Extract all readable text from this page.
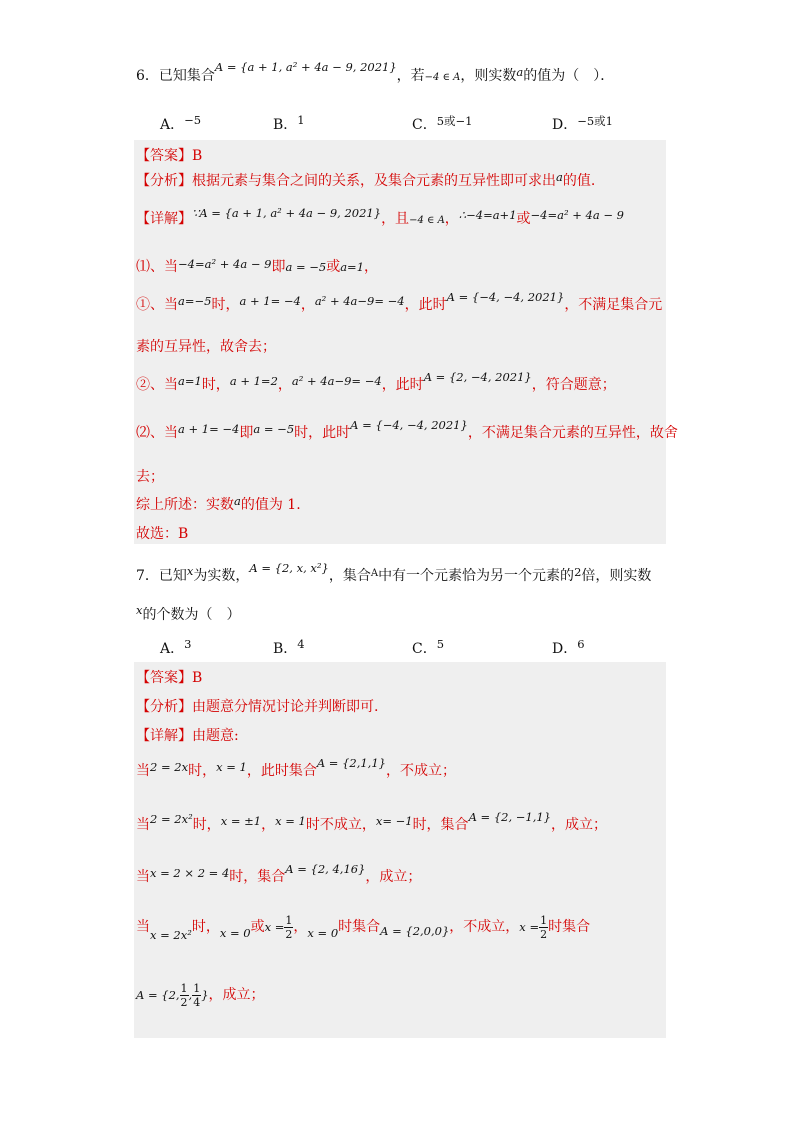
6．已知集合$^{A = \{a + 1, a^2 + 4a - 9, 2021\}}$，若−4 ∈ A，则实数$^a$的值为（　）．
A．$^{-5}$	B．$^1$	C．$^{5或-1}$	D．$^{-5或1}$
【答案】B
【分析】根据元素与集合之间的关系，及集合元素的互异性即可求出$^a$的值.
【详解】$^{\because A = \{a + 1, a^2 + 4a - 9, 2021\}}$，且−4 ∈ A，$^{\therefore-4=a+1}$或$^{-4=a^2 + 4a - 9}$
⑴、当$^{-4=a^2 + 4a - 9}$即a = −5或a=1，
①、当$^{a=-5}$时，$^{a + 1= -4}$，$^{a^2 + 4a-9= -4}$，此时$^{A = \{-4, -4, 2021\}}$，不满足集合元
素的互异性，故舍去；
②、当$^{a=1}$时，$^{a + 1=2}$，$^{a^2 + 4a-9= -4}$，此时$^{A = \{2, -4, 2021\}}$，符合题意；
⑵、当$^{a + 1= -4}$即$^{a = -5}$时，此时$^{A = \{-4, -4, 2021\}}$，不满足集合元素的互异性，故舍
去；
综上所述：实数$^a$的值为 1.
故选：B
7．已知$^x$为实数，$^{A = \{2, x, x^2\}}$，集合$^A$中有一个元素恰为另一个元素的$^2$倍，则实数
$^x$的个数为（　）
A．$^3$	B．$^4$	C．$^5$	D．$^6$
【答案】B
【分析】由题意分情况讨论并判断即可.
【详解】由题意:
当$^{2 = 2x}$时，$^{x = 1}$，此时集合$^{A = \{2,1,1\}}$，不成立；
当$^{2 = 2x^2}$时，$^{x = \pm 1}$，$^{x = 1}$时不成立，$^{x= -1}$时，集合$^{A = \{2, -1,1\}}$，成立；
当$^{x = 2 \times 2 = 4}$时，集合$^{A = \{2, 4,16\}}$，成立；
当$_{x = 2x^2}$时，$_{x = 0}$或$x = \frac{1}{2}$ ，$_{x = 0}$时集合$_{A = \{2,0,0\}}$，不成立，$x = \frac{1}{2}$ 时集合
A = {2, $\frac{1}{2}$ , $\frac{1}{4}$ }，成立；
